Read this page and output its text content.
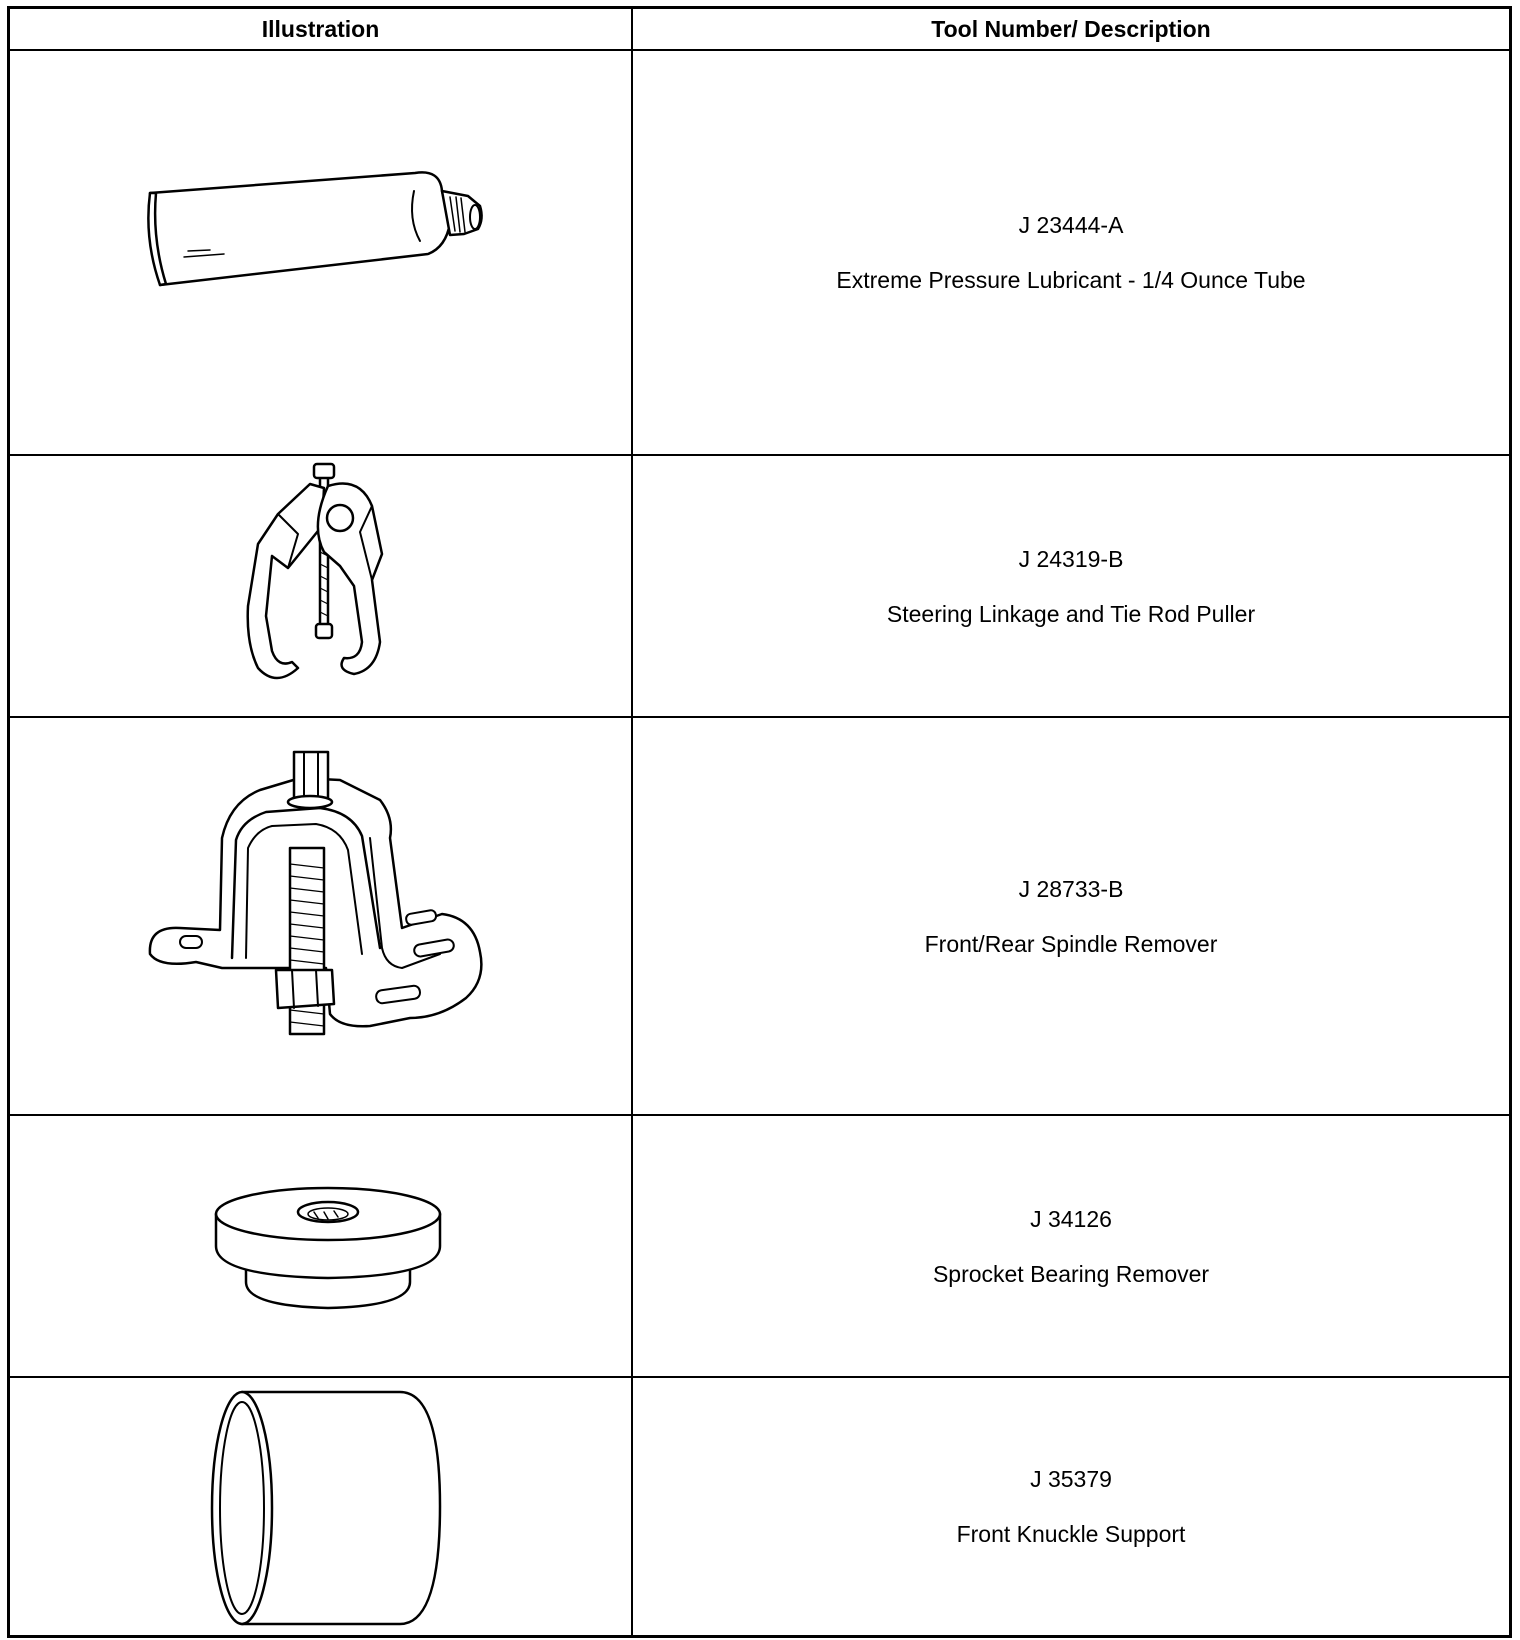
Illustration	Tool Number/ Description
J 23444-A
Extreme Pressure Lubricant - 1/4 Ounce Tube
J 24319-B
Steering Linkage and Tie Rod Puller
J 28733-B
Front/Rear Spindle Remover
J 34126
Sprocket Bearing Remover
J 35379
Front Knuckle Support
